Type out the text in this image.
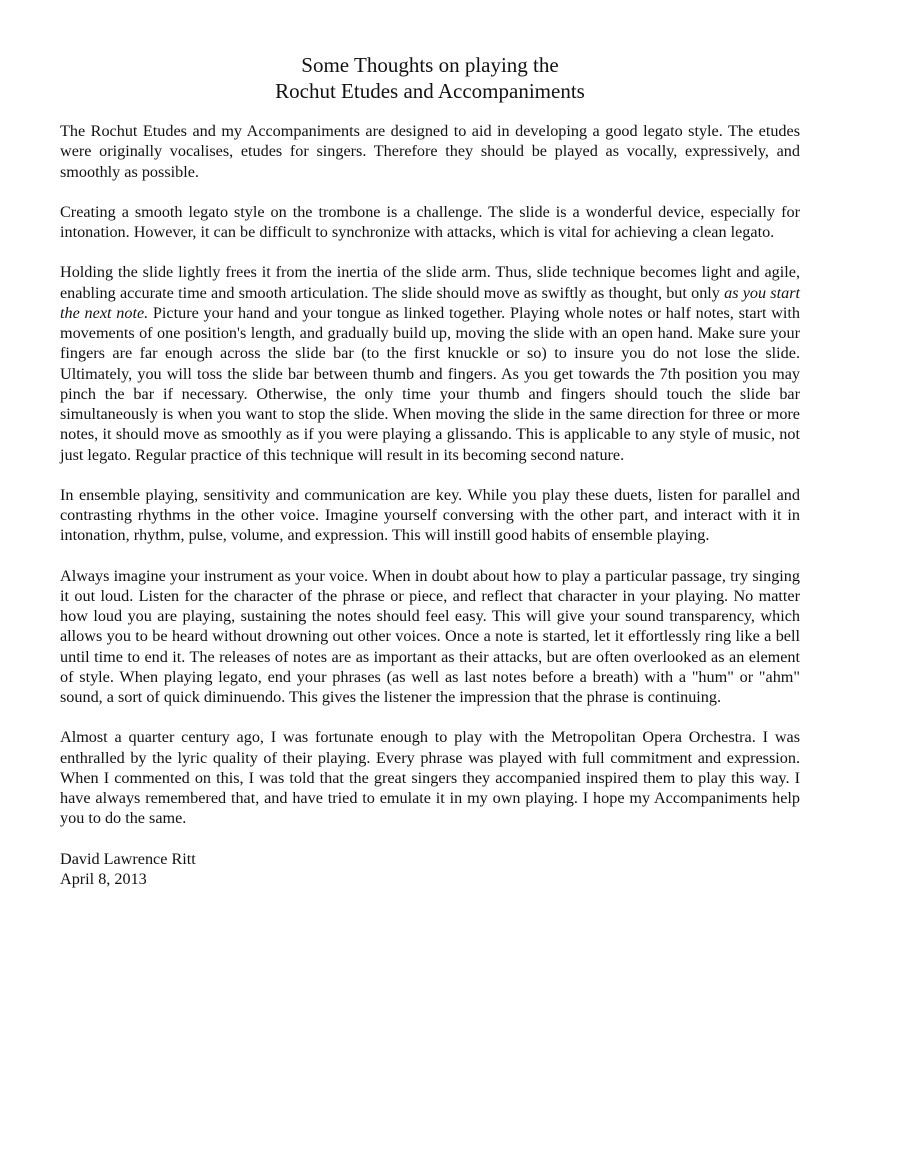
Some Thoughts on playing the
Rochut Etudes and Accompaniments

The Rochut Etudes and my Accompaniments are designed to aid in developing a good legato style. The etudes were originally vocalises, etudes for singers. Therefore they should be played as vocally, expressively, and smoothly as possible.

Creating a smooth legato style on the trombone is a challenge. The slide is a wonderful device, especially for intonation. However, it can be difficult to synchronize with attacks, which is vital for achieving a clean legato.

Holding the slide lightly frees it from the inertia of the slide arm. Thus, slide technique becomes light and agile, enabling accurate time and smooth articulation. The slide should move as swiftly as thought, but only as you start the next note. Picture your hand and your tongue as linked together. Playing whole notes or half notes, start with movements of one position's length, and gradually build up, moving the slide with an open hand. Make sure your fingers are far enough across the slide bar (to the first knuckle or so) to insure you do not lose the slide. Ultimately, you will toss the slide bar between thumb and fingers. As you get towards the 7th position you may pinch the bar if necessary. Otherwise, the only time your thumb and fingers should touch the slide bar simultaneously is when you want to stop the slide. When moving the slide in the same direction for three or more notes, it should move as smoothly as if you were playing a glissando. This is applicable to any style of music, not just legato. Regular practice of this technique will result in its becoming second nature.

In ensemble playing, sensitivity and communication are key. While you play these duets, listen for parallel and contrasting rhythms in the other voice. Imagine yourself conversing with the other part, and interact with it in intonation, rhythm, pulse, volume, and expression. This will instill good habits of ensemble playing.

Always imagine your instrument as your voice. When in doubt about how to play a particular passage, try singing it out loud. Listen for the character of the phrase or piece, and reflect that character in your playing. No matter how loud you are playing, sustaining the notes should feel easy. This will give your sound transparency, which allows you to be heard without drowning out other voices. Once a note is started, let it effortlessly ring like a bell until time to end it. The releases of notes are as important as their attacks, but are often overlooked as an element of style. When playing legato, end your phrases (as well as last notes before a breath) with a "hum" or "ahm" sound, a sort of quick diminuendo. This gives the listener the impression that the phrase is continuing.

Almost a quarter century ago, I was fortunate enough to play with the Metropolitan Opera Orchestra. I was enthralled by the lyric quality of their playing. Every phrase was played with full commitment and expression. When I commented on this, I was told that the great singers they accompanied inspired them to play this way. I have always remembered that, and have tried to emulate it in my own playing. I hope my Accompaniments help you to do the same.

David Lawrence Ritt
April 8, 2013
